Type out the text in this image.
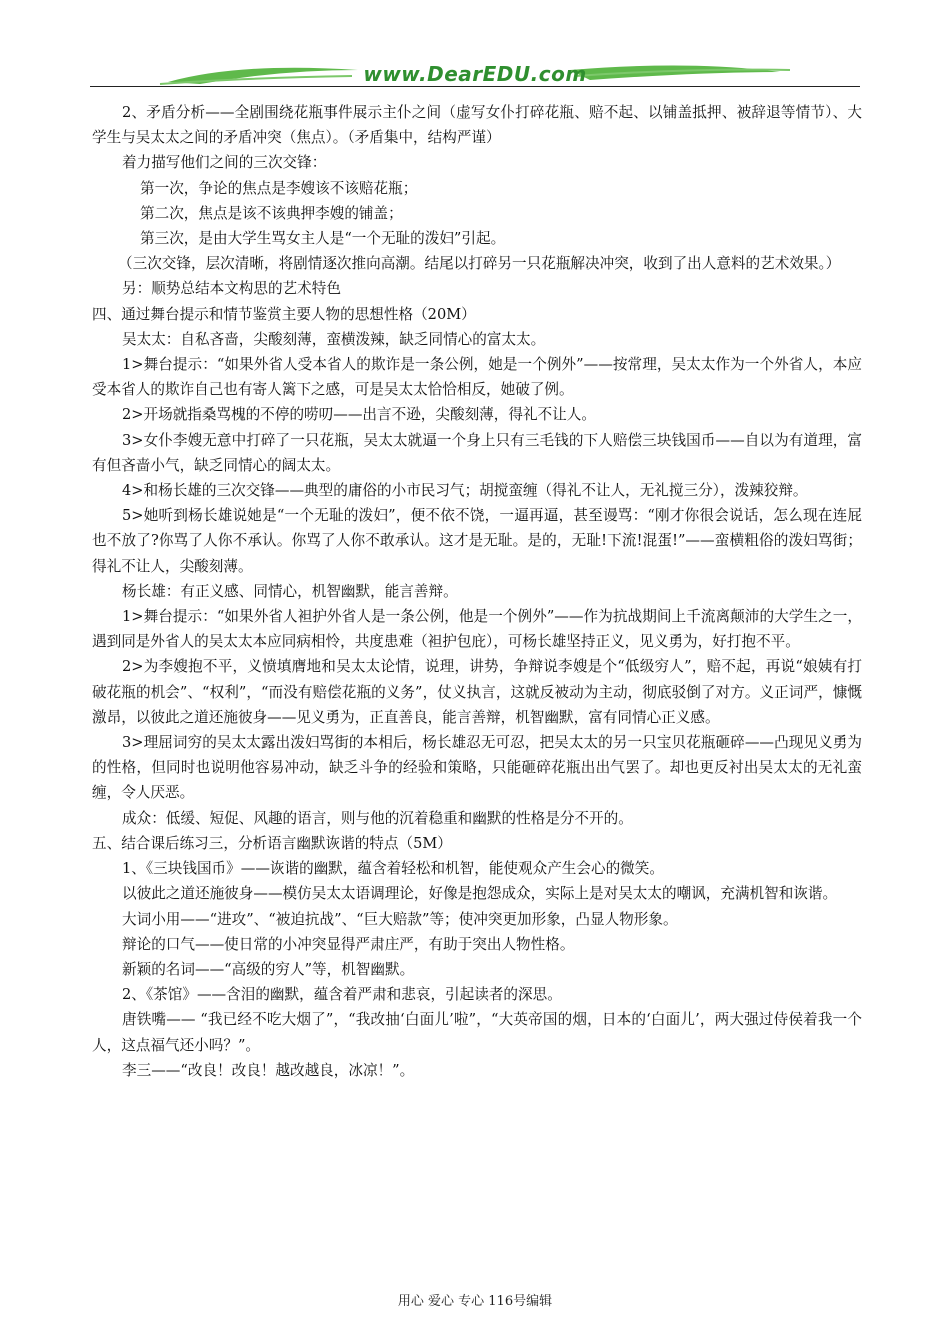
www.DearEDU.com

2、矛盾分析——全剧围绕花瓶事件展示主仆之间（虚写女仆打碎花瓶、赔不起、以铺盖抵押、被辞退等情节）、大学生与吴太太之间的矛盾冲突（焦点）。（矛盾集中，结构严谨）

着力描写他们之间的三次交锋：

第一次，争论的焦点是李嫂该不该赔花瓶；

第二次，焦点是该不该典押李嫂的铺盖；

第三次，是由大学生骂女主人是“一个无耻的泼妇”引起。

（三次交锋，层次清晰，将剧情逐次推向高潮。结尾以打碎另一只花瓶解决冲突，收到了出人意料的艺术效果。）

另：顺势总结本文构思的艺术特色

四、通过舞台提示和情节鉴赏主要人物的思想性格（20M）

吴太太：自私吝啬，尖酸刻薄，蛮横泼辣，缺乏同情心的富太太。

1>舞台提示：“如果外省人受本省人的欺诈是一条公例，她是一个例外”——按常理，吴太太作为一个外省人，本应受本省人的欺诈自己也有寄人篱下之感，可是吴太太恰恰相反，她破了例。

2>开场就指桑骂槐的不停的唠叨——出言不逊，尖酸刻薄，得礼不让人。

3>女仆李嫂无意中打碎了一只花瓶，吴太太就逼一个身上只有三毛钱的下人赔偿三块钱国币——自以为有道理，富有但吝啬小气，缺乏同情心的阔太太。

4>和杨长雄的三次交锋——典型的庸俗的小市民习气；胡搅蛮缠（得礼不让人，无礼搅三分），泼辣狡辩。

5>她听到杨长雄说她是“一个无耻的泼妇”，便不依不饶，一逼再逼，甚至谩骂：“刚才你很会说话，怎么现在连屁也不放了?你骂了人你不承认。你骂了人你不敢承认。这才是无耻。是的，无耻!下流!混蛋!”——蛮横粗俗的泼妇骂街；得礼不让人，尖酸刻薄。

杨长雄：有正义感、同情心，机智幽默，能言善辩。

1>舞台提示：“如果外省人袒护外省人是一条公例，他是一个例外”——作为抗战期间上千流离颠沛的大学生之一，遇到同是外省人的吴太太本应同病相怜，共度患难（袒护包庇），可杨长雄坚持正义，见义勇为，好打抱不平。

2>为李嫂抱不平，义愤填膺地和吴太太论情，说理，讲势，争辩说李嫂是个“低级穷人”，赔不起，再说“娘姨有打破花瓶的机会”、“权利”，“而没有赔偿花瓶的义务”，仗义执言，这就反被动为主动，彻底驳倒了对方。义正词严，慷慨激昂，以彼此之道还施彼身——见义勇为，正直善良，能言善辩，机智幽默，富有同情心正义感。

3>理屈词穷的吴太太露出泼妇骂街的本相后，杨长雄忍无可忍，把吴太太的另一只宝贝花瓶砸碎——凸现见义勇为的性格，但同时也说明他容易冲动，缺乏斗争的经验和策略，只能砸碎花瓶出出气罢了。却也更反衬出吴太太的无礼蛮缠，令人厌恶。

成众：低缓、短促、风趣的语言，则与他的沉着稳重和幽默的性格是分不开的。

五、结合课后练习三，分析语言幽默诙谐的特点（5M）

1、《三块钱国币》——诙谐的幽默，蕴含着轻松和机智，能使观众产生会心的微笑。

以彼此之道还施彼身——模仿吴太太语调理论，好像是抱怨成众，实际上是对吴太太的嘲讽，充满机智和诙谐。

大词小用——“进攻”、“被迫抗战”、“巨大赔款”等；使冲突更加形象，凸显人物形象。

辩论的口气——使日常的小冲突显得严肃庄严，有助于突出人物性格。

新颖的名词——“高级的穷人”等，机智幽默。

2、《茶馆》——含泪的幽默，蕴含着严肃和悲哀，引起读者的深思。

唐铁嘴—— “我已经不吃大烟了”，“我改抽‘白面儿’啦”，“大英帝国的烟，日本的‘白面儿’，两大强过侍侯着我一个人，这点福气还小吗？”。

李三——“改良！改良！越改越良，冰凉！”。

用心 爱心 专心 116号编辑
